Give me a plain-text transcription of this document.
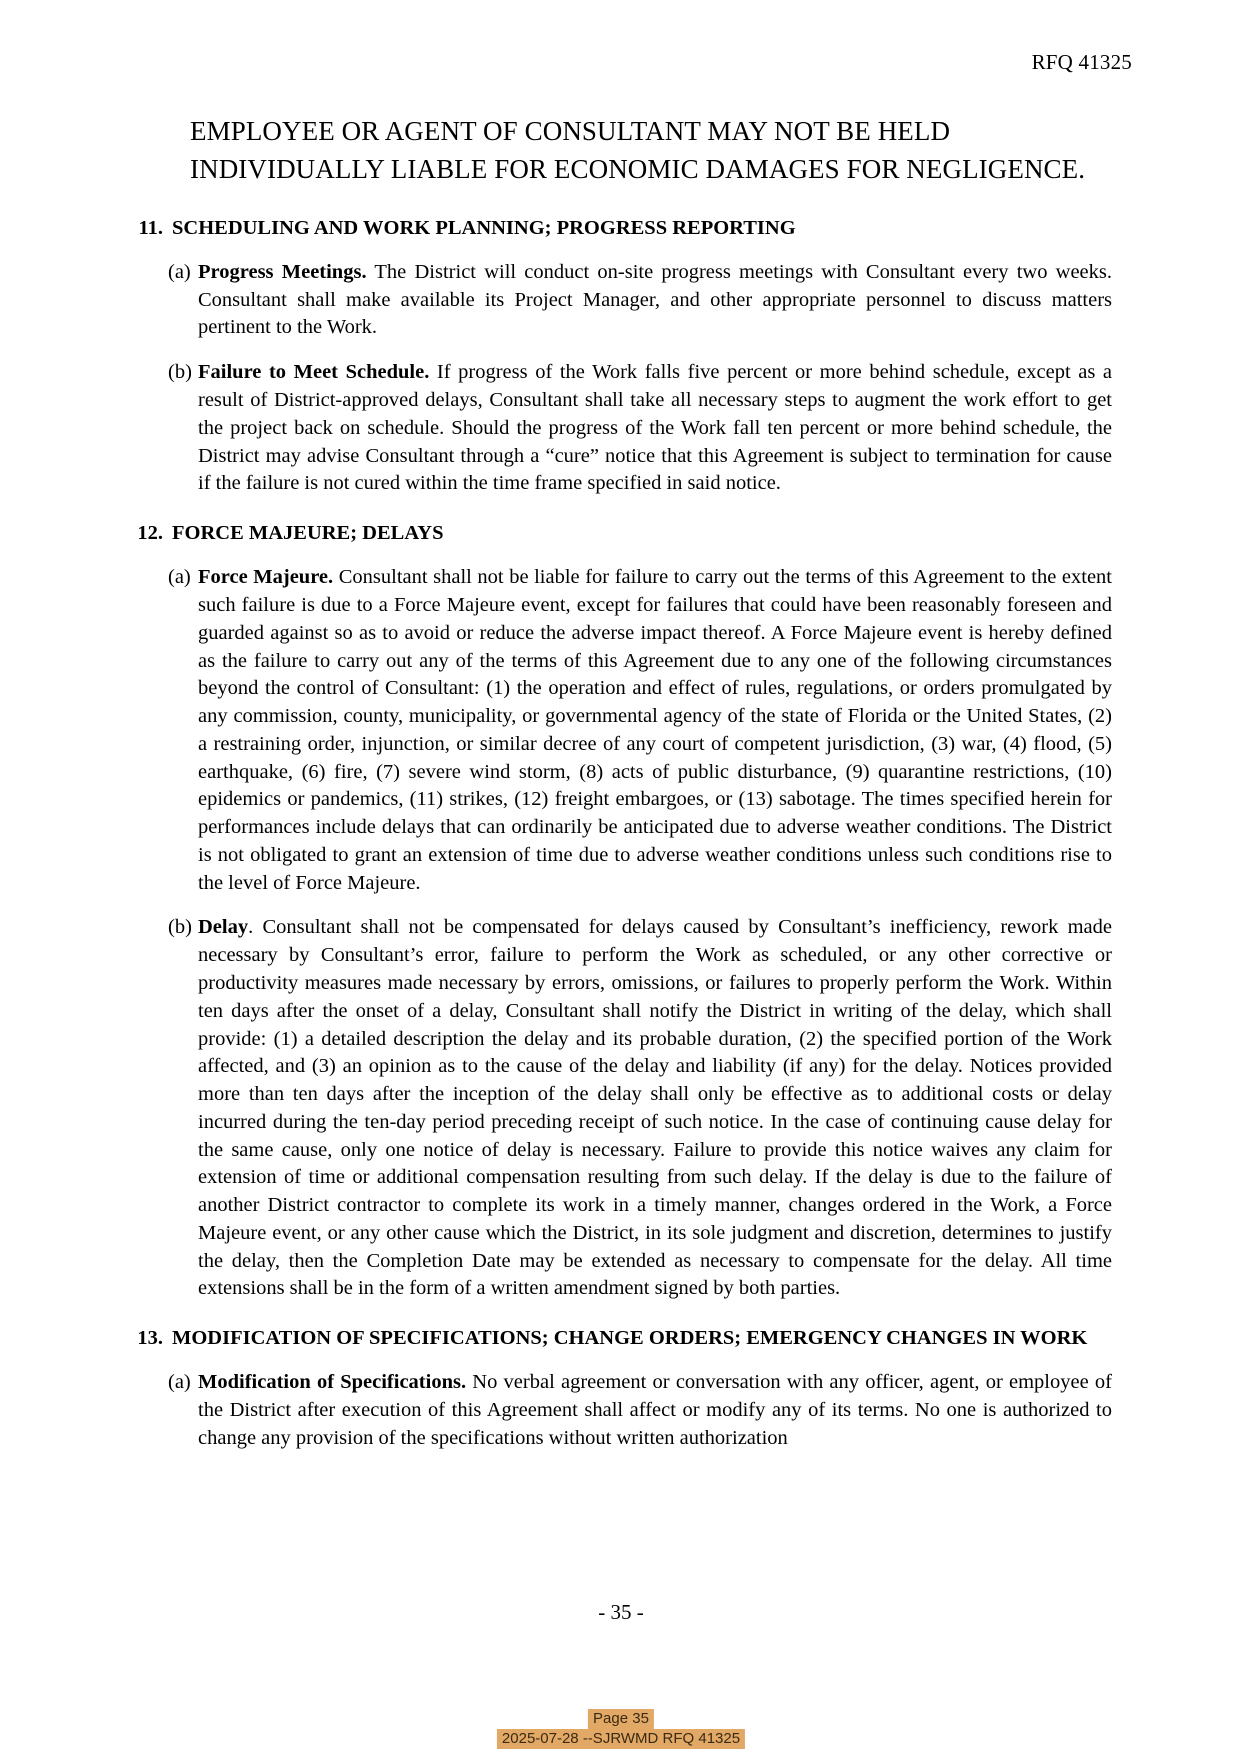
RFQ 41325
EMPLOYEE OR AGENT OF CONSULTANT MAY NOT BE HELD INDIVIDUALLY LIABLE FOR ECONOMIC DAMAGES FOR NEGLIGENCE.
11. SCHEDULING AND WORK PLANNING; PROGRESS REPORTING
(a) Progress Meetings. The District will conduct on-site progress meetings with Consultant every two weeks. Consultant shall make available its Project Manager, and other appropriate personnel to discuss matters pertinent to the Work.
(b) Failure to Meet Schedule. If progress of the Work falls five percent or more behind schedule, except as a result of District-approved delays, Consultant shall take all necessary steps to augment the work effort to get the project back on schedule. Should the progress of the Work fall ten percent or more behind schedule, the District may advise Consultant through a “cure” notice that this Agreement is subject to termination for cause if the failure is not cured within the time frame specified in said notice.
12. FORCE MAJEURE; DELAYS
(a) Force Majeure. Consultant shall not be liable for failure to carry out the terms of this Agreement to the extent such failure is due to a Force Majeure event, except for failures that could have been reasonably foreseen and guarded against so as to avoid or reduce the adverse impact thereof. A Force Majeure event is hereby defined as the failure to carry out any of the terms of this Agreement due to any one of the following circumstances beyond the control of Consultant: (1) the operation and effect of rules, regulations, or orders promulgated by any commission, county, municipality, or governmental agency of the state of Florida or the United States, (2) a restraining order, injunction, or similar decree of any court of competent jurisdiction, (3) war, (4) flood, (5) earthquake, (6) fire, (7) severe wind storm, (8) acts of public disturbance, (9) quarantine restrictions, (10) epidemics or pandemics, (11) strikes, (12) freight embargoes, or (13) sabotage. The times specified herein for performances include delays that can ordinarily be anticipated due to adverse weather conditions. The District is not obligated to grant an extension of time due to adverse weather conditions unless such conditions rise to the level of Force Majeure.
(b) Delay. Consultant shall not be compensated for delays caused by Consultant’s inefficiency, rework made necessary by Consultant’s error, failure to perform the Work as scheduled, or any other corrective or productivity measures made necessary by errors, omissions, or failures to properly perform the Work. Within ten days after the onset of a delay, Consultant shall notify the District in writing of the delay, which shall provide: (1) a detailed description the delay and its probable duration, (2) the specified portion of the Work affected, and (3) an opinion as to the cause of the delay and liability (if any) for the delay. Notices provided more than ten days after the inception of the delay shall only be effective as to additional costs or delay incurred during the ten-day period preceding receipt of such notice. In the case of continuing cause delay for the same cause, only one notice of delay is necessary. Failure to provide this notice waives any claim for extension of time or additional compensation resulting from such delay. If the delay is due to the failure of another District contractor to complete its work in a timely manner, changes ordered in the Work, a Force Majeure event, or any other cause which the District, in its sole judgment and discretion, determines to justify the delay, then the Completion Date may be extended as necessary to compensate for the delay. All time extensions shall be in the form of a written amendment signed by both parties.
13. MODIFICATION OF SPECIFICATIONS; CHANGE ORDERS; EMERGENCY CHANGES IN WORK
(a) Modification of Specifications. No verbal agreement or conversation with any officer, agent, or employee of the District after execution of this Agreement shall affect or modify any of its terms. No one is authorized to change any provision of the specifications without written authorization
- 35 -
Page 35
2025-07-28 --SJRWMD RFQ 41325
